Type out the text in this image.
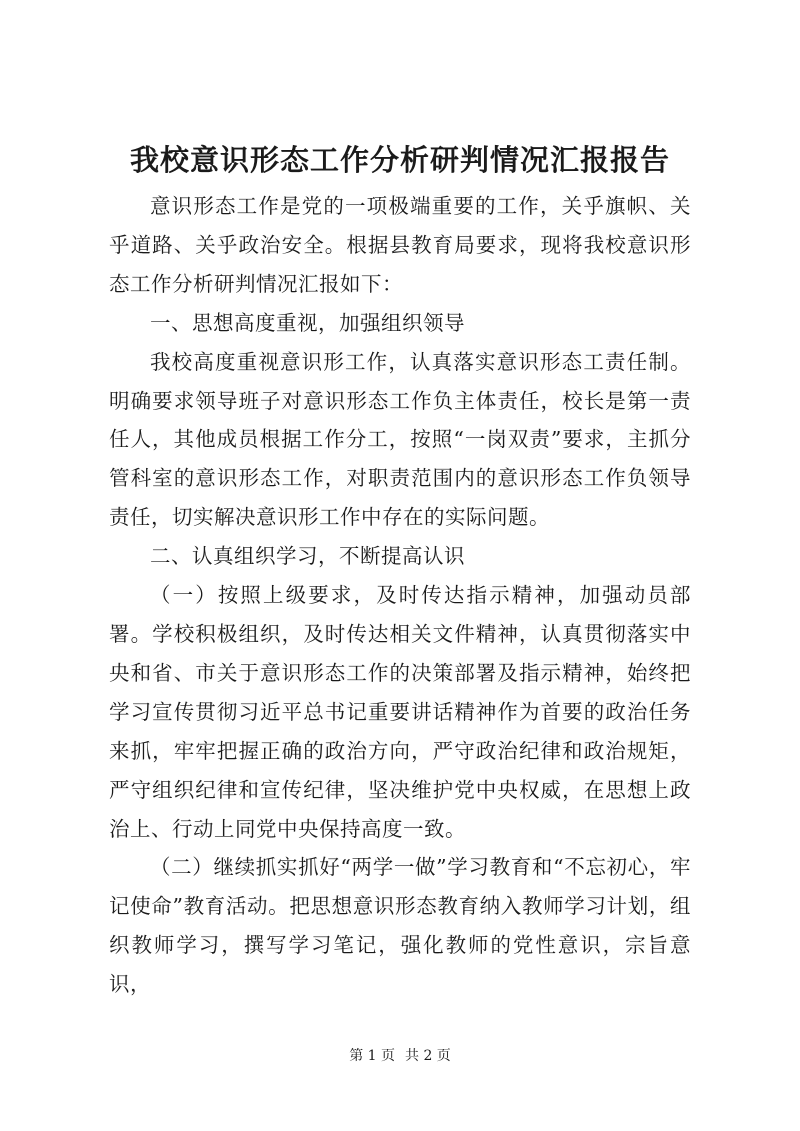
我校意识形态工作分析研判情况汇报报告

意识形态工作是党的一项极端重要的工作，关乎旗帜、关乎道路、关乎政治安全。根据县教育局要求，现将我校意识形态工作分析研判情况汇报如下：

一、思想高度重视，加强组织领导

我校高度重视意识形工作，认真落实意识形态工责任制。明确要求领导班子对意识形态工作负主体责任，校长是第一责任人，其他成员根据工作分工，按照“一岗双责”要求，主抓分管科室的意识形态工作，对职责范围内的意识形态工作负领导责任，切实解决意识形工作中存在的实际问题。

二、认真组织学习，不断提高认识

（一）按照上级要求，及时传达指示精神，加强动员部署。学校积极组织，及时传达相关文件精神，认真贯彻落实中央和省、市关于意识形态工作的决策部署及指示精神，始终把学习宣传贯彻习近平总书记重要讲话精神作为首要的政治任务来抓，牢牢把握正确的政治方向，严守政治纪律和政治规矩，严守组织纪律和宣传纪律，坚决维护党中央权威，在思想上政治上、行动上同党中央保持高度一致。

（二）继续抓实抓好“两学一做”学习教育和“不忘初心，牢记使命”教育活动。把思想意识形态教育纳入教师学习计划，组织教师学习，撰写学习笔记，强化教师的党性意识，宗旨意识，

第 1 页 共 2 页
